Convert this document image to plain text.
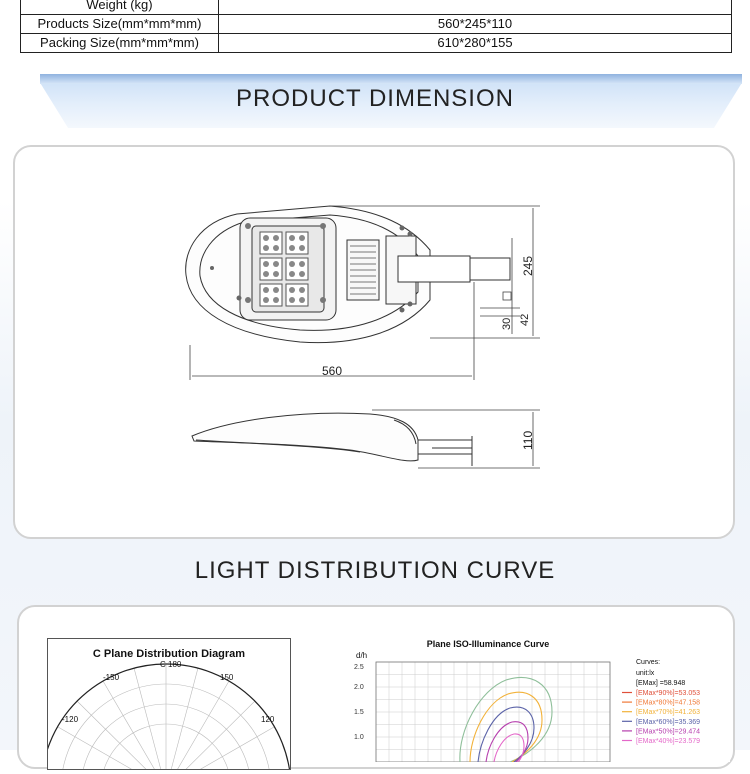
Weight (kg)	
Products Size(mm*mm*mm)	560*245*110
Packing Size(mm*mm*mm)	610*280*155
PRODUCT DIMENSION
560
245
30 42
110
LIGHT DISTRIBUTION CURVE
C Plane Distribution Diagram
C 180
-150	150
-120	120
Plane ISO-Illuminance Curve
d/h
2.5
2.0
1.5
1.0
Curves:
unit:lx
[EMax] =58.948
[EMax*90%]=53.053
[EMax*80%]=47.158
[EMax*70%]=41.263
[EMax*60%]=35.369
[EMax*50%]=29.474
[EMax*40%]=23.579
